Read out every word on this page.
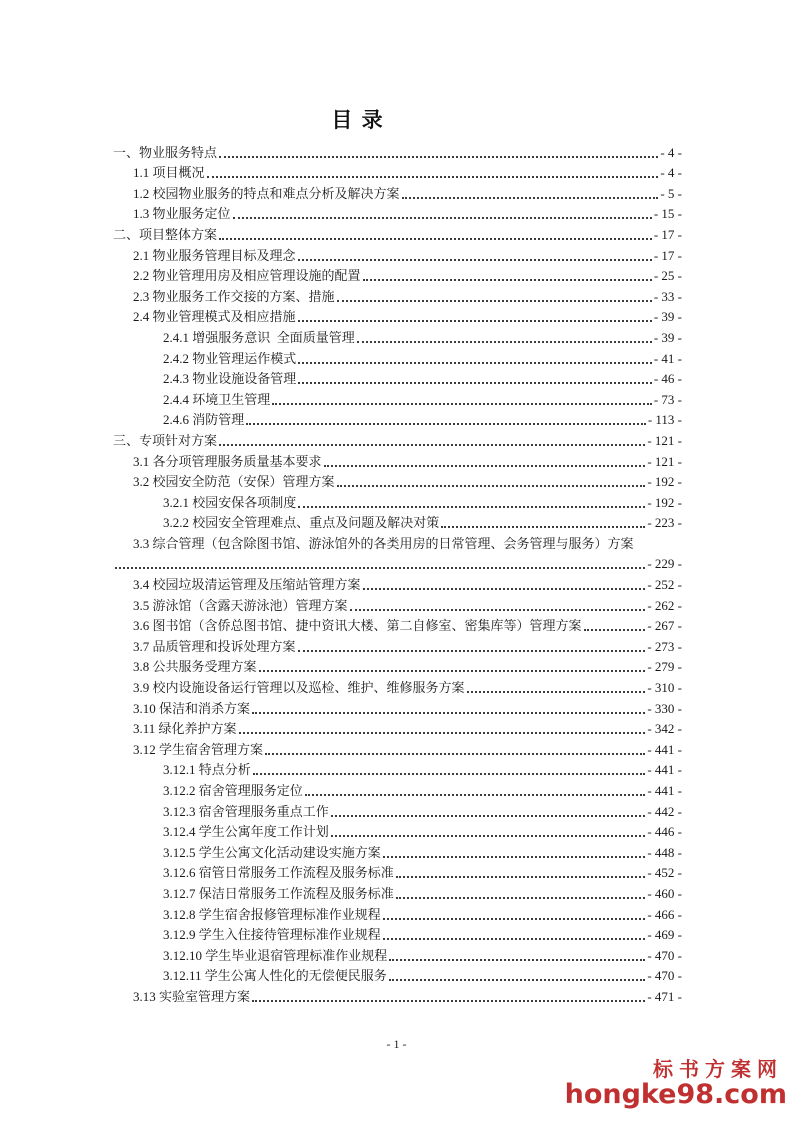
目 录
一、物业服务特点	- 4 -
1.1 项目概况	- 4 -
1.2 校园物业服务的特点和难点分析及解决方案	- 5 -
1.3 物业服务定位	- 15 -
二、项目整体方案	- 17 -
2.1 物业服务管理目标及理念	- 17 -
2.2 物业管理用房及相应管理设施的配置	- 25 -
2.3 物业服务工作交接的方案、措施	- 33 -
2.4 物业管理模式及相应措施	- 39 -
2.4.1 增强服务意识  全面质量管理	- 39 -
2.4.2 物业管理运作模式	- 41 -
2.4.3 物业设施设备管理	- 46 -
2.4.4 环境卫生管理	- 73 -
2.4.6 消防管理	- 113 -
三、专项针对方案	- 121 -
3.1 各分项管理服务质量基本要求	- 121 -
3.2 校园安全防范（安保）管理方案	- 192 -
3.2.1 校园安保各项制度	- 192 -
3.2.2 校园安全管理难点、重点及问题及解决对策	- 223 -
3.3 综合管理（包含除图书馆、游泳馆外的各类用房的日常管理、会务管理与服务）方案
- 229 -
3.4 校园垃圾清运管理及压缩站管理方案	- 252 -
3.5 游泳馆（含露天游泳池）管理方案	- 262 -
3.6 图书馆（含侨总图书馆、捷中资讯大楼、第二自修室、密集库等）管理方案	- 267 -
3.7 品质管理和投诉处理方案	- 273 -
3.8 公共服务受理方案	- 279 -
3.9 校内设施设备运行管理以及巡检、维护、维修服务方案	- 310 -
3.10 保洁和消杀方案	- 330 -
3.11 绿化养护方案	- 342 -
3.12 学生宿舍管理方案	- 441 -
3.12.1 特点分析	- 441 -
3.12.2 宿舍管理服务定位	- 441 -
3.12.3 宿舍管理服务重点工作	- 442 -
3.12.4 学生公寓年度工作计划	- 446 -
3.12.5 学生公寓文化活动建设实施方案	- 448 -
3.12.6 宿管日常服务工作流程及服务标准	- 452 -
3.12.7 保洁日常服务工作流程及服务标准	- 460 -
3.12.8 学生宿舍报修管理标准作业规程	- 466 -
3.12.9 学生入住接待管理标准作业规程	- 469 -
3.12.10 学生毕业退宿管理标准作业规程	- 470 -
3.12.11 学生公寓人性化的无偿便民服务	- 470 -
3.13 实验室管理方案	- 471 -
- 1 -
标书方案网
hongke98.com
